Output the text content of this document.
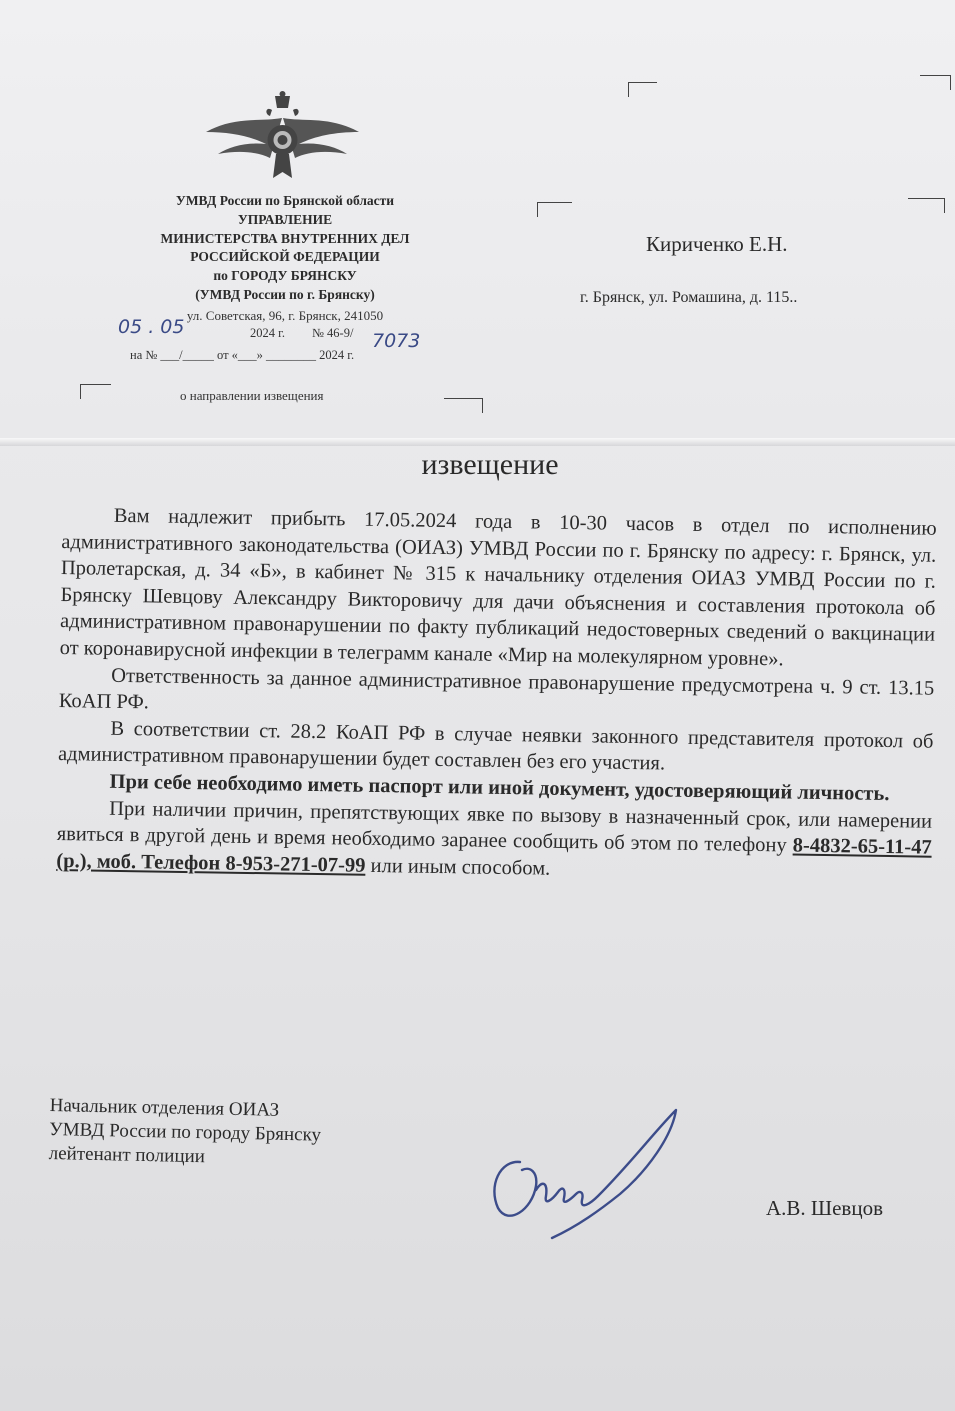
УМВД России по Брянской области
УПРАВЛЕНИЕ
МИНИСТЕРСТВА ВНУТРЕННИХ ДЕЛ
РОССИЙСКОЙ ФЕДЕРАЦИИ
по ГОРОДУ БРЯНСКУ
(УМВД России по г. Брянску)
ул. Советская, 96, г. Брянск, 241050
05 . 05	2024 г. № 46-9/ 7073
на № ___/_____ от «___» ________ 2024 г.
Кириченко Е.Н.
г. Брянск, ул. Ромашина, д. 115..
о направлении извещения
извещение

Вам надлежит прибыть 17.05.2024 года в 10-30 часов в отдел по исполнению административного законодательства (ОИАЗ) УМВД России по г. Брянску по адресу: г. Брянск, ул. Пролетарская, д. 34 «Б», в кабинет № 315 к начальнику отделения ОИАЗ УМВД России по г. Брянску Шевцову Александру Викторовичу для дачи объяснения и составления протокола об административном правонарушении по факту публикаций недостоверных сведений о вакцинации от коронавирусной инфекции в телеграмм канале «Мир на молекулярном уровне».

Ответственность за данное административное правонарушение предусмотрена ч. 9 ст. 13.15 КоАП РФ.

В соответствии ст. 28.2 КоАП РФ в случае неявки законного представителя протокол об административном правонарушении будет составлен без его участия.

При себе необходимо иметь паспорт или иной документ, удостоверяющий личность.

При наличии причин, препятствующих явке по вызову в назначенный срок, или намерении явиться в другой день и время необходимо заранее сообщить об этом по телефону 8-4832-65-11-47 (р.), моб. Телефон 8-953-271-07-99 или иным способом.

Начальник отделения ОИАЗ
УМВД России по городу Брянску
лейтенант полиции
А.В. Шевцов
